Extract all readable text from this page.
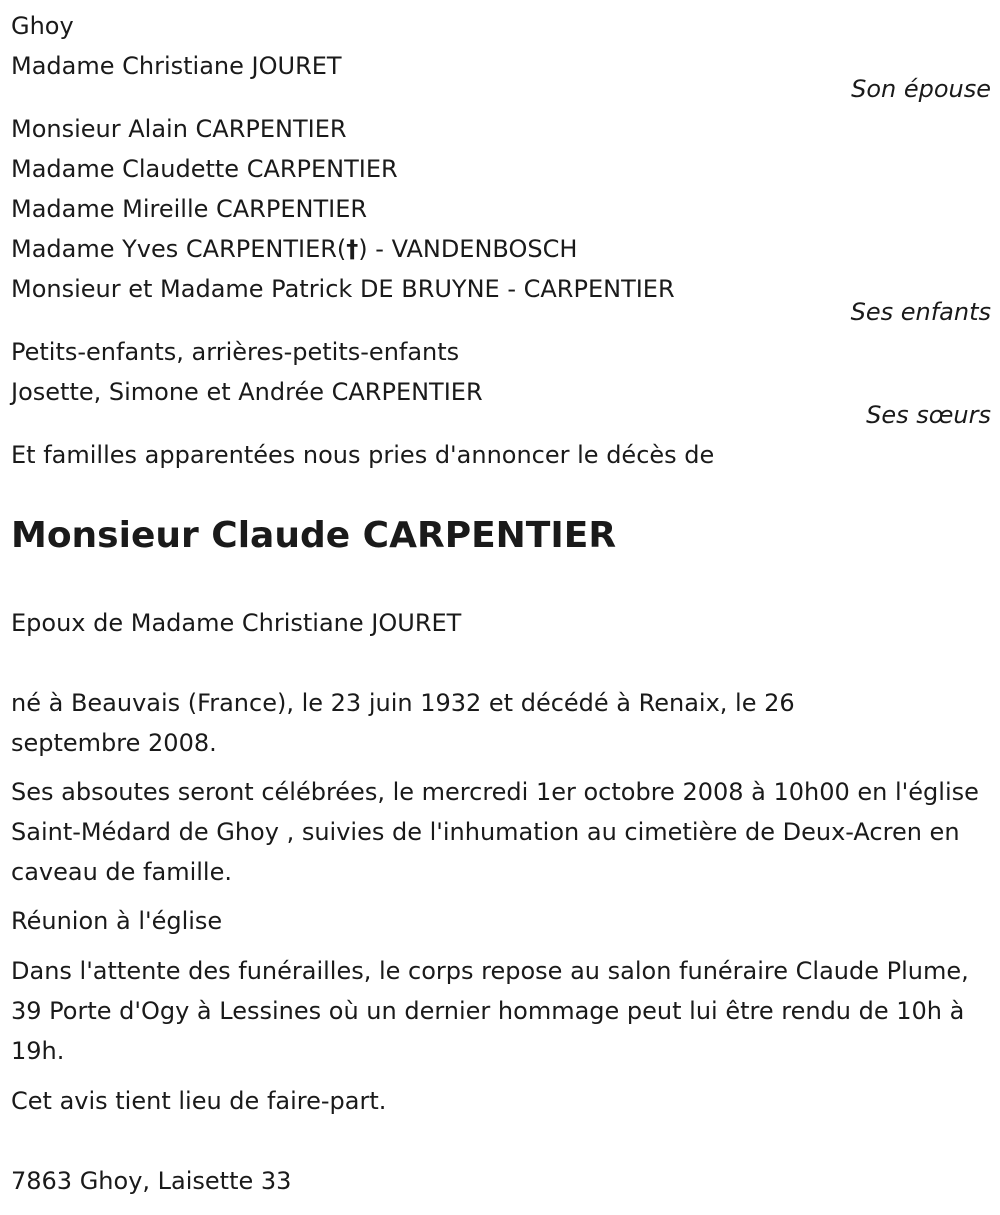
Ghoy
Madame Christiane JOURET
Son épouse
Monsieur Alain CARPENTIER
Madame Claudette CARPENTIER
Madame Mireille CARPENTIER
Madame Yves CARPENTIER(†) - VANDENBOSCH
Monsieur et Madame Patrick DE BRUYNE - CARPENTIER
Ses enfants
Petits-enfants, arrières-petits-enfants
Josette, Simone et Andrée CARPENTIER
Ses sœurs
Et familles apparentées nous pries d'annoncer le décès de
Monsieur Claude CARPENTIER
Epoux de Madame Christiane JOURET
né à Beauvais (France), le 23 juin 1932 et décédé à Renaix, le 26 septembre 2008.
Ses absoutes seront célébrées, le mercredi 1er octobre 2008 à 10h00 en l'église Saint-Médard de Ghoy , suivies de l'inhumation au cimetière de Deux-Acren en caveau de famille.
Réunion à l'église
Dans l'attente des funérailles, le corps repose au salon funéraire Claude Plume, 39 Porte d'Ogy à Lessines où un dernier hommage peut lui être rendu de 10h à 19h.
Cet avis tient lieu de faire-part.
7863 Ghoy, Laisette 33
